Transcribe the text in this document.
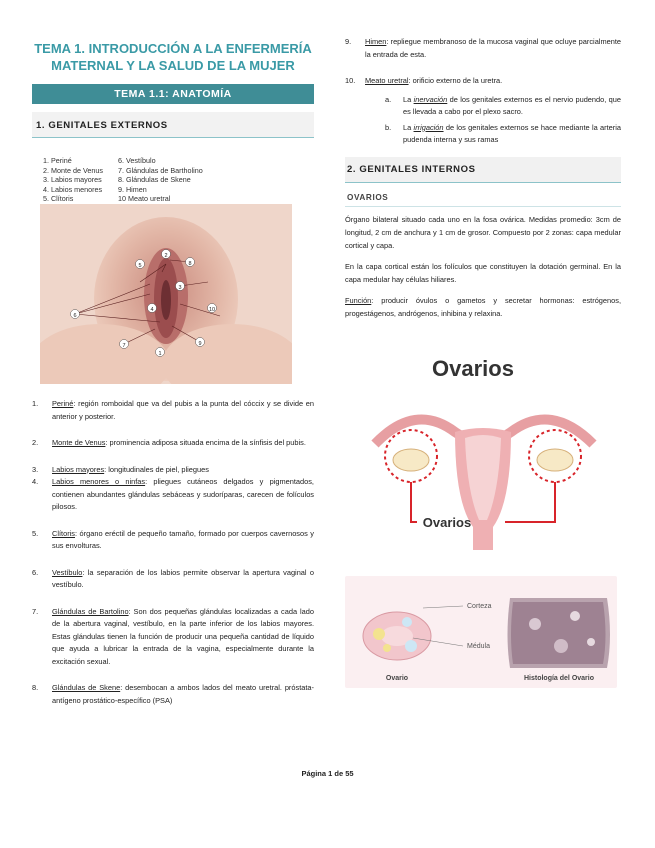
TEMA 1. INTRODUCCIÓN A LA ENFERMERÍA MATERNAL Y LA SALUD DE LA MUJER
TEMA 1.1: ANATOMÍA
1. GENITALES EXTERNOS
1. Periné
2. Monte de Venus
3. Labios mayores
4. Labios menores
5. Clítoris
6. Vestíbulo
7. Glándulas de Bartholino
8. Glándulas de Skene
9. Himen
10 Meato uretral
1
2
3
4
5
6
7
8
9
10
1.	Periné: región romboidal que va del pubis a la punta del cóccix y se divide en anterior y posterior.
2.	Monte de Venus: prominencia adiposa situada encima de la sínfisis del pubis.
3.	Labios mayores: longitudinales de piel, pliegues
4.	Labios menores o ninfas: pliegues cutáneos delgados y pigmentados, contienen abundantes glándulas sebáceas y sudoríparas, carecen de folículos pilosos.
5.	Clítoris: órgano eréctil de pequeño tamaño, formado por cuerpos cavernosos y sus envolturas.
6.	Vestíbulo: la separación de los labios permite observar la apertura vaginal o vestíbulo.
7.	Glándulas de Bartolino: Son dos pequeñas glándulas localizadas a cada lado de la abertura vaginal, vestíbulo, en la parte inferior de los labios mayores. Estas glándulas tienen la función de producir una pequeña cantidad de líquido que ayuda a lubricar la entrada de la vagina, especialmente durante la excitación sexual.
8.	Glándulas de Skene: desembocan a ambos lados del meato uretral. próstata- antígeno prostático-específico (PSA)
9.	Himen: repliegue membranoso de la mucosa vaginal que ocluye parcialmente la entrada de esta.
10.	Meato uretral: orificio externo de la uretra.
a.	La inervación de los genitales externos es el nervio pudendo, que es llevada a cabo por el plexo sacro.
b.	La irrigación de los genitales externos se hace mediante la arteria pudenda interna y sus ramas
2. GENITALES INTERNOS
OVARIOS
Órgano bilateral situado cada uno en la fosa ovárica. Medidas promedio: 3cm de longitud, 2 cm de anchura y 1 cm de grosor. Compuesto por 2 zonas: capa medular cortical y capa.
En la capa cortical están los folículos que constituyen la dotación germinal. En la capa medular hay células hiliares.
Función: producir óvulos o gametos y secretar hormonas: estrógenos, progestágenos, andrógenos, inhibina y relaxina.
Ovarios
Ovarios
Corteza
Médula
Ovario	Histología del Ovario
Página 1 de 55
